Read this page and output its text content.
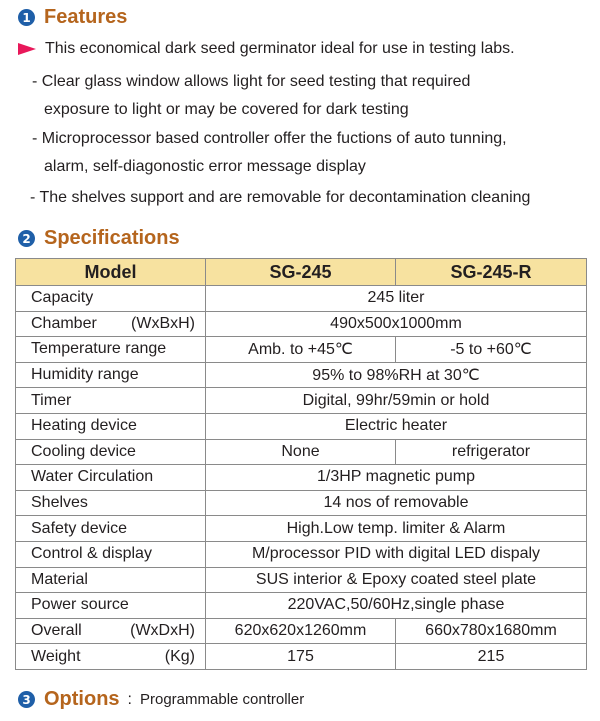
1 Features
This economical dark seed germinator ideal for use in testing labs.
- Clear glass window allows light for seed testing that required
exposure to light or may be covered for dark testing
- Microprocessor based controller offer the fuctions of auto tunning,
alarm, self-diagonostic error message display
- The shelves support and are removable for decontamination cleaning
2 Specifications
Model	SG-245	SG-245-R

Capacity	245 liter	

Chamber (WxBxH)	490x500x1000mm	

Temperature range	Amb. to +45℃	-5 to +60℃

Humidity range	95% to 98%RH at 30℃	

Timer	Digital, 99hr/59min or hold	

Heating device	Electric heater	

Cooling device	None	refrigerator

Water Circulation	1/3HP magnetic pump	

Shelves	14 nos of removable	

Safety device	High.Low temp. limiter & Alarm	

Control & display	M/processor PID with digital LED dispaly	

Material	SUS interior & Epoxy coated steel plate	

Power source	220VAC,50/60Hz,single phase	

Overall (WxDxH)	620x620x1260mm	660x780x1680mm

Weight (Kg)	175	215
3 Options : Programmable controller
